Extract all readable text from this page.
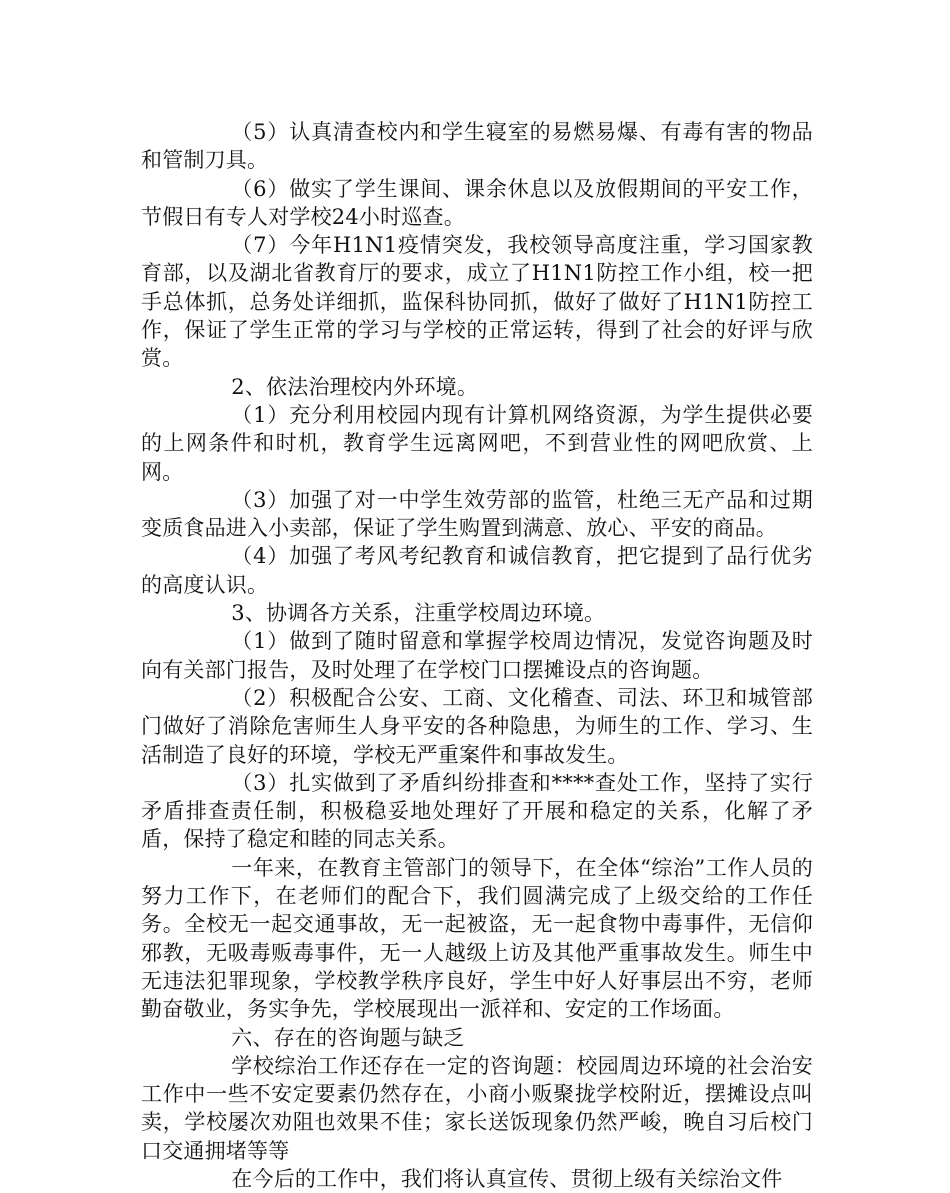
（5）认真清查校内和学生寝室的易燃易爆、有毒有害的物品和管制刀具。

（6）做实了学生课间、课余休息以及放假期间的平安工作，节假日有专人对学校24小时巡查。

（7）今年H1N1疫情突发，我校领导高度注重，学习国家教育部，以及湖北省教育厅的要求，成立了H1N1防控工作小组，校一把手总体抓，总务处详细抓，监保科协同抓，做好了做好了H1N1防控工作，保证了学生正常的学习与学校的正常运转，得到了社会的好评与欣赏。

2、依法治理校内外环境。

（1）充分利用校园内现有计算机网络资源，为学生提供必要的上网条件和时机，教育学生远离网吧，不到营业性的网吧欣赏、上网。

（3）加强了对一中学生效劳部的监管，杜绝三无产品和过期变质食品进入小卖部，保证了学生购置到满意、放心、平安的商品。

（4）加强了考风考纪教育和诚信教育，把它提到了品行优劣的高度认识。

3、协调各方关系，注重学校周边环境。

（1）做到了随时留意和掌握学校周边情况，发觉咨询题及时向有关部门报告，及时处理了在学校门口摆摊设点的咨询题。

（2）积极配合公安、工商、文化稽查、司法、环卫和城管部门做好了消除危害师生人身平安的各种隐患，为师生的工作、学习、生活制造了良好的环境，学校无严重案件和事故发生。

（3）扎实做到了矛盾纠纷排查和****查处工作，坚持了实行矛盾排查责任制，积极稳妥地处理好了开展和稳定的关系，化解了矛盾，保持了稳定和睦的同志关系。

一年来，在教育主管部门的领导下，在全体“综治”工作人员的努力工作下，在老师们的配合下，我们圆满完成了上级交给的工作任务。全校无一起交通事故，无一起被盗，无一起食物中毒事件，无信仰邪教，无吸毒贩毒事件，无一人越级上访及其他严重事故发生。师生中无违法犯罪现象，学校教学秩序良好，学生中好人好事层出不穷，老师勤奋敬业，务实争先，学校展现出一派祥和、安定的工作场面。

六、存在的咨询题与缺乏

学校综治工作还存在一定的咨询题：校园周边环境的社会治安工作中一些不安定要素仍然存在，小商小贩聚拢学校附近，摆摊设点叫卖，学校屡次劝阻也效果不佳；家长送饭现象仍然严峻，晚自习后校门口交通拥堵等等

在今后的工作中，我们将认真宣传、贯彻上级有关综治文件
